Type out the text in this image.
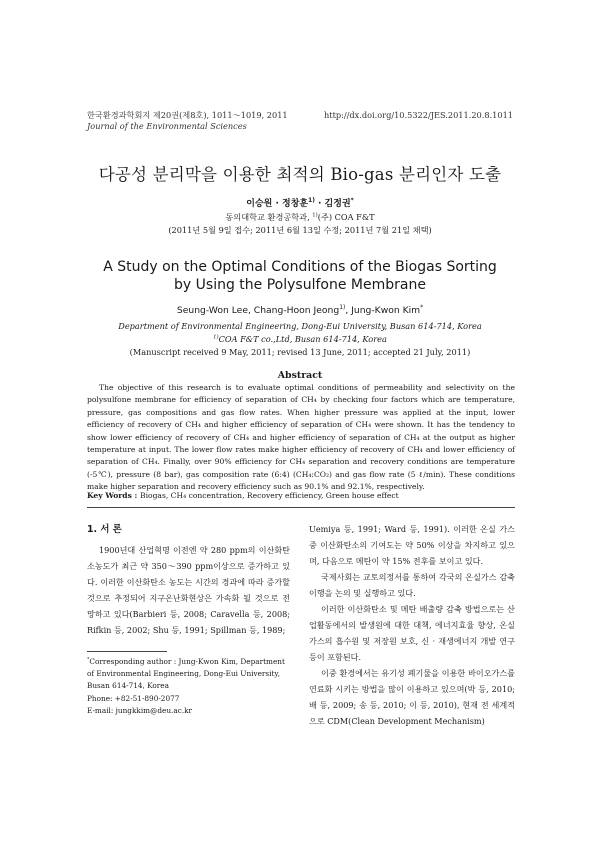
한국환경과학회지 제20권(제8호), 1011～1019, 2011
Journal of the Environmental Sciences
http://dx.doi.org/10.5322/JES.2011.20.8.1011
다공성 분리막을 이용한 최적의 Bio-gas 분리인자 도출
이승원 · 정창훈$^{1)}$ · 김정권*
동의대학교 환경공학과, $^{1)}$(주) COA F&T
(2011년 5월 9일 접수; 2011년 6월 13일 수정; 2011년 7월 21일 채택)
A Study on the Optimal Conditions of the Biogas Sorting
by Using the Polysulfone Membrane
Seung-Won Lee, Chang-Hoon Jeong$^{1)}$, Jung-Kwon Kim*
Department of Environmental Engineering, Dong-Eui University, Busan 614-714, Korea
$^{1)}$COA F&T co.,Ltd, Busan 614-714, Korea
(Manuscript received 9 May, 2011; revised 13 June, 2011; accepted 21 July, 2011)
Abstract
The objective of this research is to evaluate optimal conditions of permeability and selectivity on the polysulfone membrane for efficiency of separation of CH₄ by checking four factors which are temperature, pressure, gas compositions and gas flow rates. When higher pressure was applied at the input, lower efficiency of recovery of CH₄ and higher efficiency of separation of CH₄ were shown. It has the tendency to show lower efficiency of recovery of CH₄ and higher efficiency of separation of CH₄ at the output as higher temperature at input. The lower flow rates make higher efficiency of recovery of CH₄ and lower efficiency of separation of CH₄. Finally, over 90% efficiency for CH₄ separation and recovery conditions are temperature (-5℃), pressure (8 bar), gas composition rate (6:4) (CH₄:CO₂) and gas flow rate (5 ℓ/min). These conditions make higher separation and recovery efficiency such as 90.1% and 92.1%, respectively.
Key Words : Biogas, CH₄ concentration, Recovery efficiency, Green house effect
1. 서 론

1900년대 산업혁명 이전엔 약 280 ppm의 이산화탄소농도가 최근 약 350～390 ppm이상으로 증가하고 있다. 이러한 이산화탄소 농도는 시간의 경과에 따라 증가할 것으로 추정되어 지구온난화현상은 가속화 될 것으로 전망하고 있다(Barbieri 등, 2008; Caravella 등, 2008; Rifkin 등, 2002; Shu 등, 1991; Spillman 등, 1989;

Uemiya 등, 1991; Ward 등, 1991). 이러한 온실 가스 중 이산화탄소의 기여도는 약 50% 이상을 차지하고 있으며, 다음으로 메탄이 약 15% 전후를 보이고 있다.

국제사회는 교토의정서를 통하여 각국의 온실가스 감축 이행을 논의 및 실행하고 있다.

이러한 이산화탄소 및 메탄 배출량 감축 방법으로는 산업활동에서의 발생원에 대한 대책, 에너지효율 향상, 온실가스의 흡수원 및 저장원 보호, 신 · 재생에너지 개발 연구 등이 포함된다.

이중 환경에서는 유기성 폐기물을 이용한 바이오가스를 연료화 시키는 방법을 많이 이용하고 있으며(박 등, 2010; 배 등, 2009; 송 등, 2010; 이 등, 2010), 현재 전 세계적으로 CDM(Clean Development Mechanism)

*Corresponding author : Jung-Kwon Kim, Department of Environmental Engineering, Dong-Eui University, Busan 614-714, Korea
Phone: +82-51-890-2077
E-mail: jungkkim@deu.ac.kr
